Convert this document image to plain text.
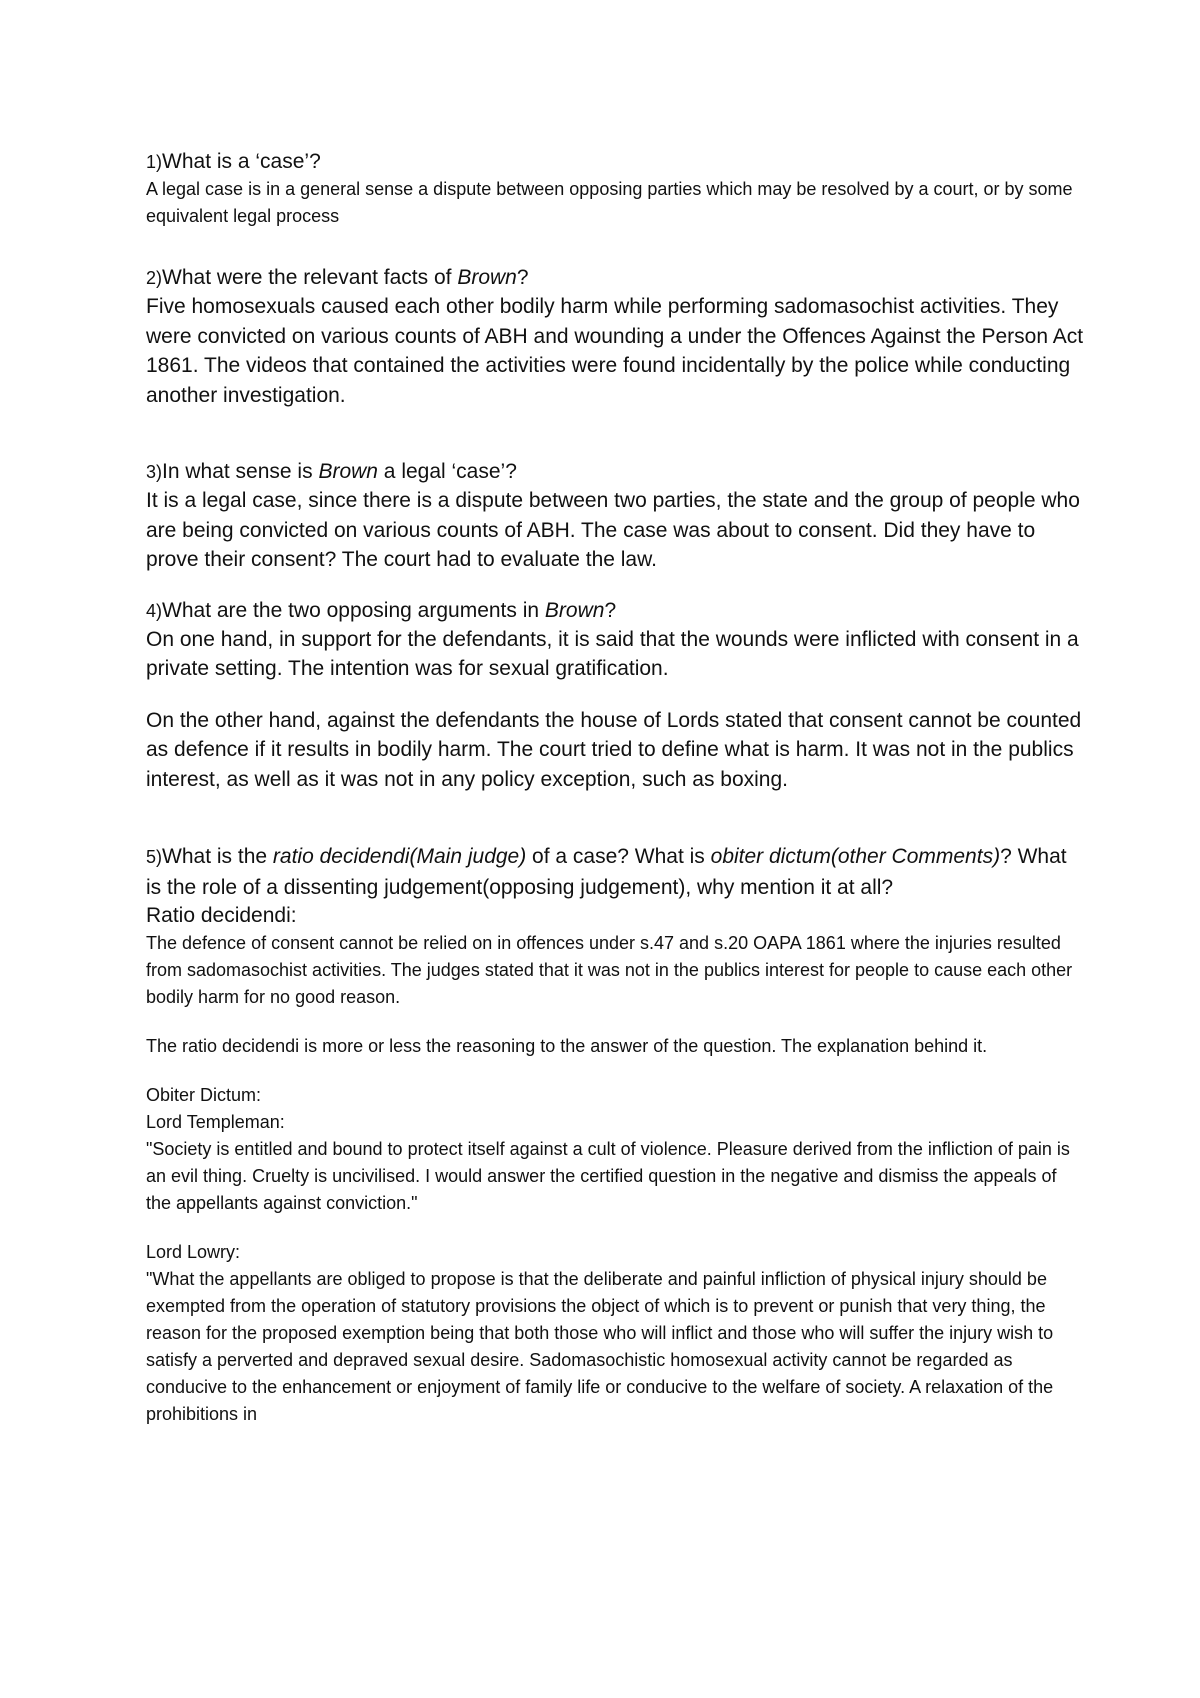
1)What is a ‘case’?

A legal case is in a general sense a dispute between opposing parties which may be resolved by a court, or by some equivalent legal process

2)What were the relevant facts of Brown?

Five homosexuals caused each other bodily harm while performing sadomasochist activities. They were convicted on various counts of ABH and wounding a under the Offences Against the Person Act 1861. The videos that contained the activities were found incidentally by the police while conducting another investigation.

3)In what sense is Brown a legal ‘case’?

It is a legal case, since there is a dispute between two parties, the state and the group of people who are being convicted on various counts of ABH. The case was about to consent. Did they have to prove their consent? The court had to evaluate the law.

4)What are the two opposing arguments in Brown?

On one hand, in support for the defendants, it is said that the wounds were inflicted with consent in a private setting. The intention was for sexual gratification.

On the other hand, against the defendants the house of Lords stated that consent cannot be counted as defence if it results in bodily harm. The court tried to define what is harm. It was not in the publics interest, as well as it was not in any policy exception, such as boxing.

5)What is the ratio decidendi(Main judge) of a case? What is obiter dictum(other Comments)? What is the role of a dissenting judgement(opposing judgement), why mention it at all?

Ratio decidendi:

The defence of consent cannot be relied on in offences under s.47 and s.20 OAPA 1861 where the injuries resulted from sadomasochist activities. The judges stated that it was not in the publics interest for people to cause each other bodily harm for no good reason.

The ratio decidendi is more or less the reasoning to the answer of the question. The explanation behind it.

Obiter Dictum:

Lord Templeman:

"Society is entitled and bound to protect itself against a cult of violence. Pleasure derived from the infliction of pain is an evil thing. Cruelty is uncivilised. I would answer the certified question in the negative and dismiss the appeals of the appellants against conviction."

Lord Lowry:

"What the appellants are obliged to propose is that the deliberate and painful infliction of physical injury should be exempted from the operation of statutory provisions the object of which is to prevent or punish that very thing, the reason for the proposed exemption being that both those who will inflict and those who will suffer the injury wish to satisfy a perverted and depraved sexual desire. Sadomasochistic homosexual activity cannot be regarded as conducive to the enhancement or enjoyment of family life or conducive to the welfare of society. A relaxation of the prohibitions in
